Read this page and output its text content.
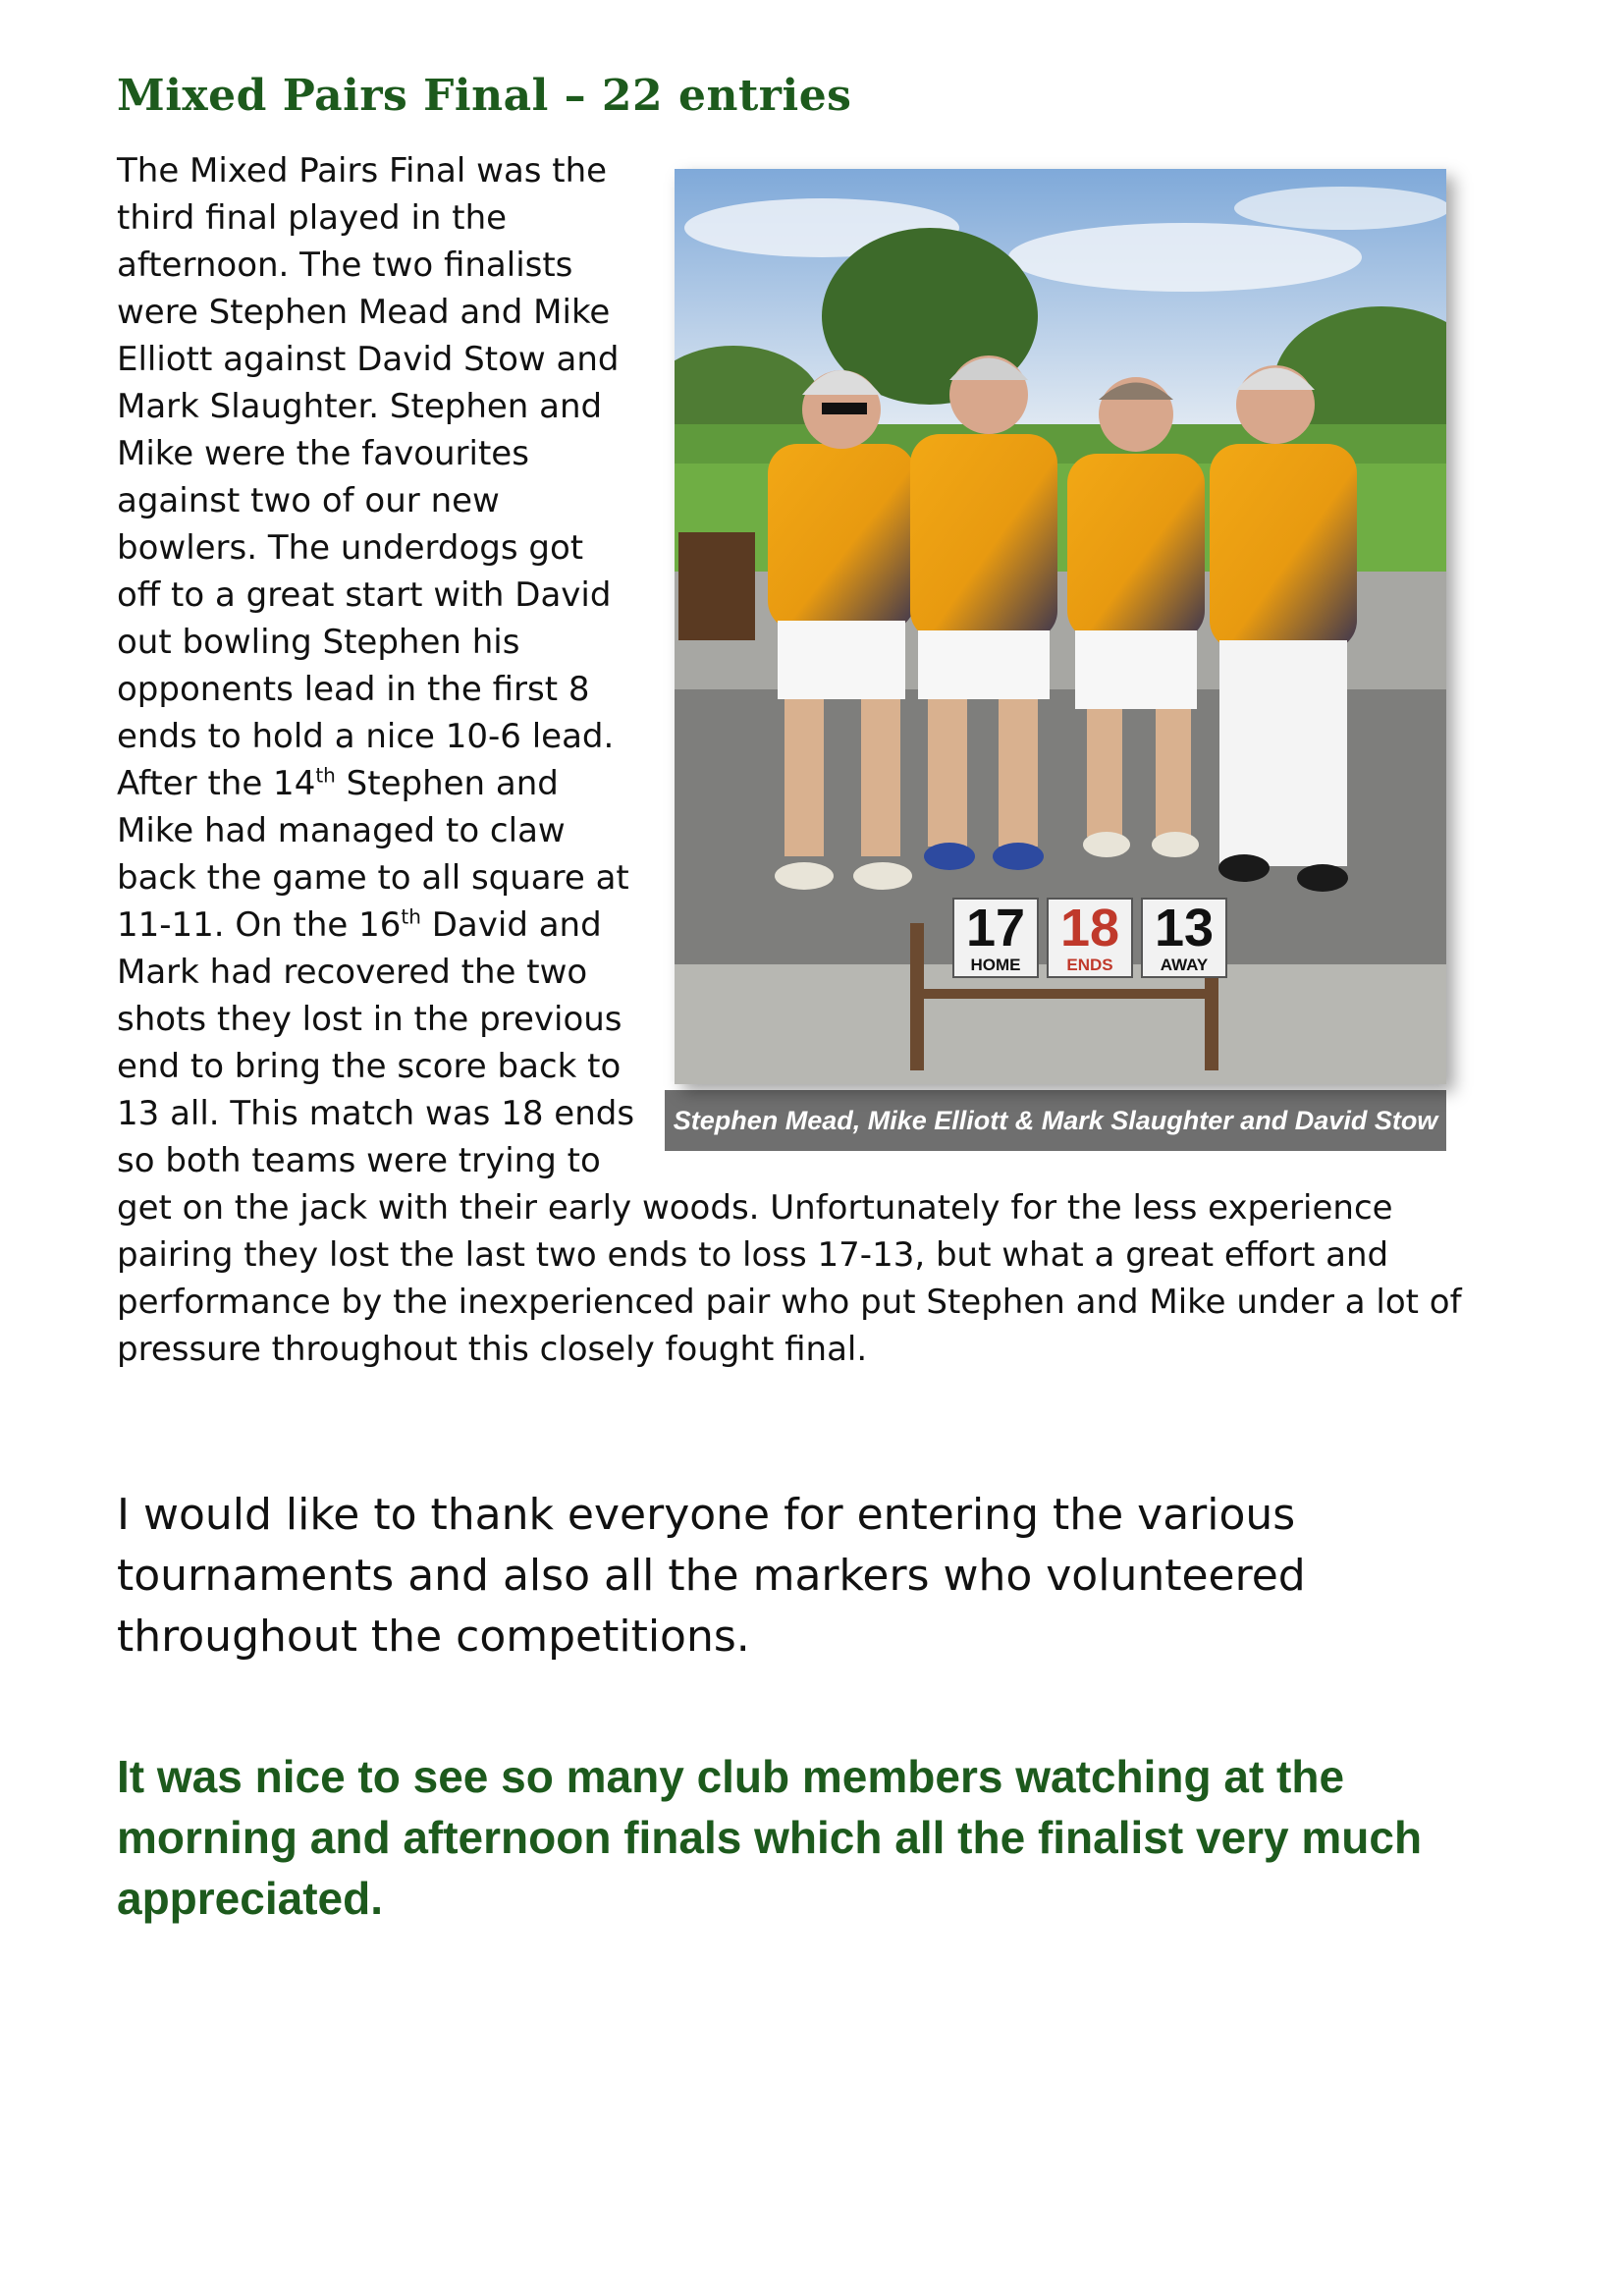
Mixed Pairs Final – 22 entries
17
HOME
18
ENDS
13
AWAY
Stephen Mead, Mike Elliott & Mark Slaughter and David Stow
The Mixed Pairs Final was the third final played in the afternoon. The two finalists were Stephen Mead and Mike Elliott against David Stow and Mark Slaughter. Stephen and Mike were the favourites against two of our new bowlers. The underdogs got off to a great start with David out bowling Stephen his opponents lead in the first 8 ends to hold a nice 10-6 lead. After the 14th Stephen and Mike had managed to claw back the game to all square at 11-11. On the 16th David and Mark had recovered the two shots they lost in the previous end to bring the score back to 13 all. This match was 18 ends so both teams were trying to get on the jack with their early woods. Unfortunately for the less experience pairing they lost the last two ends to loss 17-13, but what a great effort and performance by the inexperienced pair who put Stephen and Mike under a lot of pressure throughout this closely fought final.

I would like to thank everyone for entering the various tournaments and also all the markers who volunteered throughout the competitions.

It was nice to see so many club members watching at the morning and afternoon finals which all the finalist very much appreciated.
